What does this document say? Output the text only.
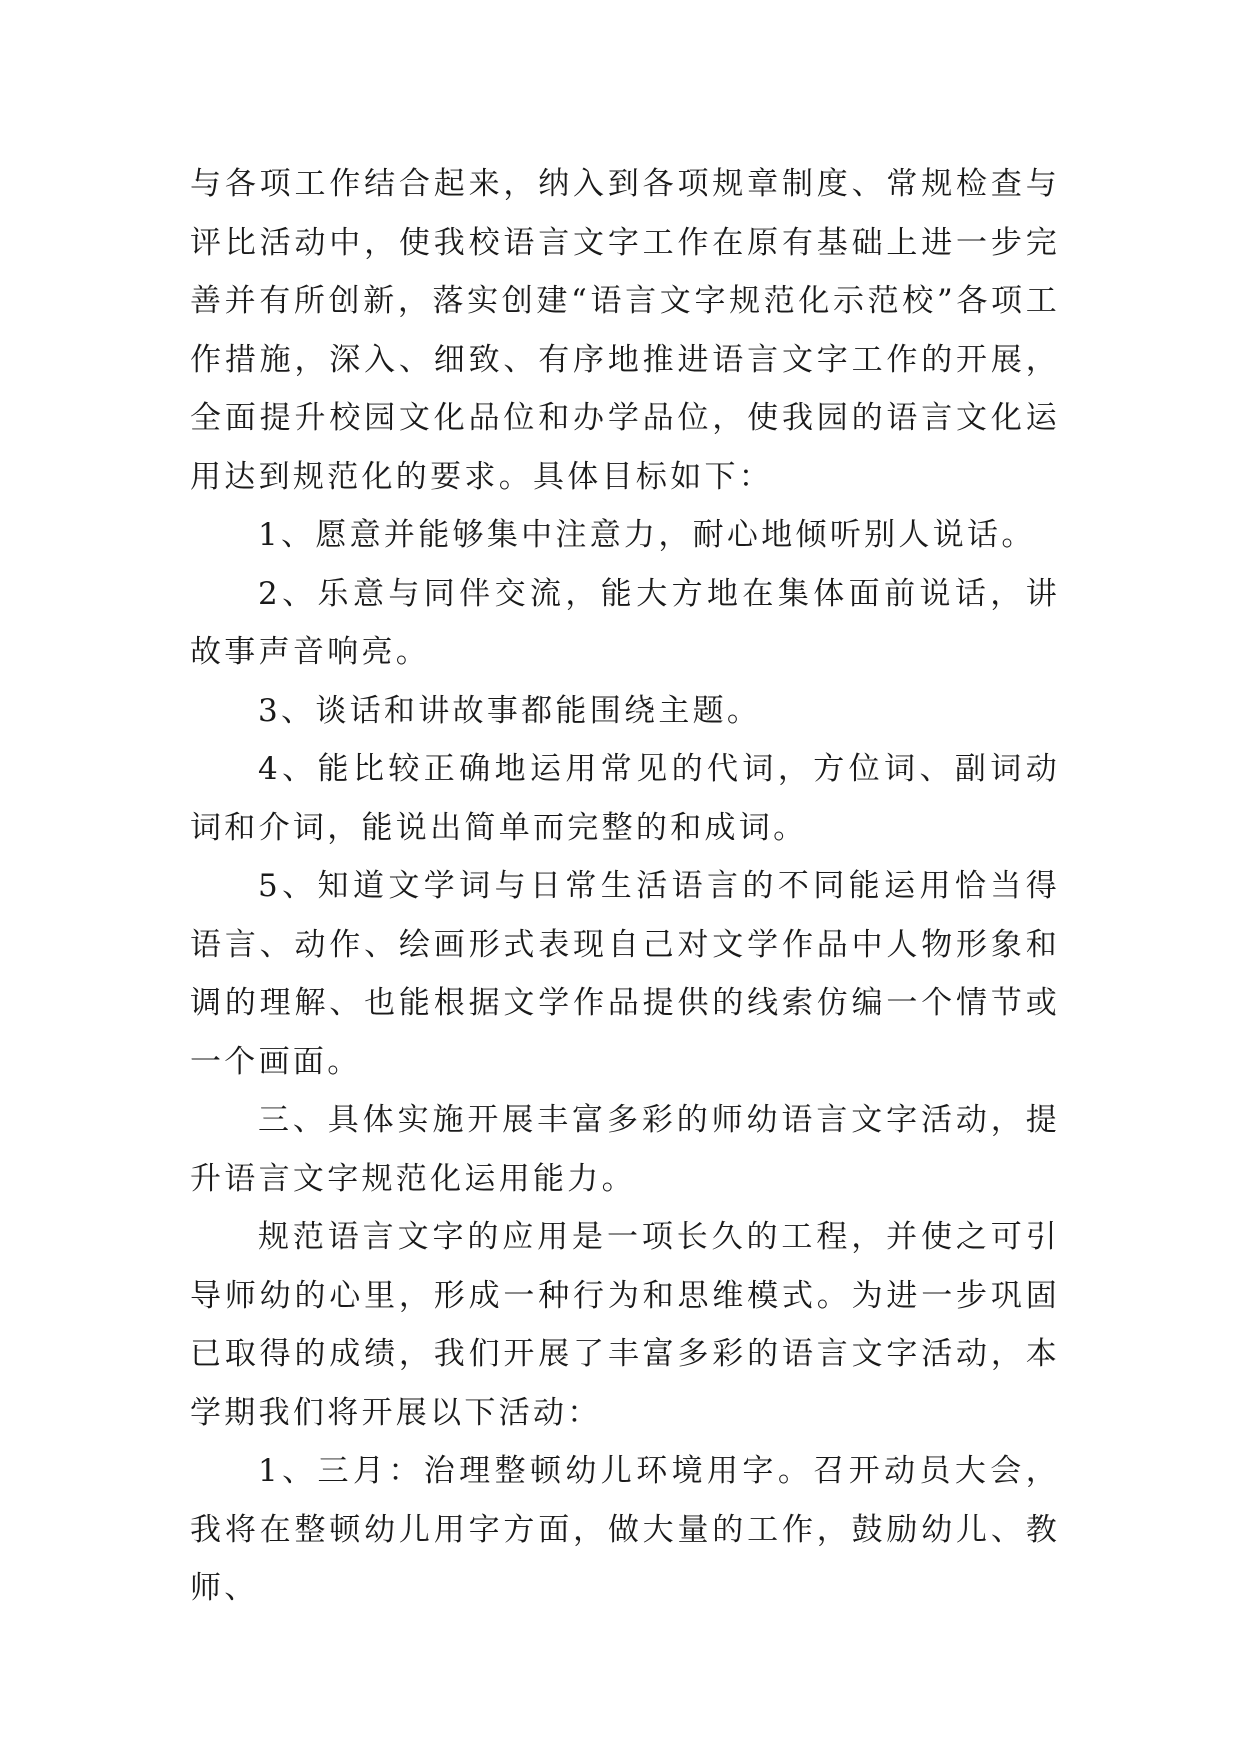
与各项工作结合起来，纳入到各项规章制度、常规检查与评比活动中，使我校语言文字工作在原有基础上进一步完善并有所创新，落实创建“语言文字规范化示范校”各项工作措施，深入、细致、有序地推进语言文字工作的开展，全面提升校园文化品位和办学品位，使我园的语言文化运用达到规范化的要求。具体目标如下：

1、愿意并能够集中注意力，耐心地倾听别人说话。

2、乐意与同伴交流，能大方地在集体面前说话，讲故事声音响亮。

3、谈话和讲故事都能围绕主题。

4、能比较正确地运用常见的代词，方位词、副词动词和介词，能说出简单而完整的和成词。

5、知道文学词与日常生活语言的不同能运用恰当得语言、动作、绘画形式表现自己对文学作品中人物形象和调的理解、也能根据文学作品提供的线索仿编一个情节或一个画面。

三、具体实施开展丰富多彩的师幼语言文字活动，提升语言文字规范化运用能力。

规范语言文字的应用是一项长久的工程，并使之可引导师幼的心里，形成一种行为和思维模式。为进一步巩固已取得的成绩，我们开展了丰富多彩的语言文字活动，本学期我们将开展以下活动：

1、三月：治理整顿幼儿环境用字。召开动员大会，我将在整顿幼儿用字方面，做大量的工作，鼓励幼儿、教师、
